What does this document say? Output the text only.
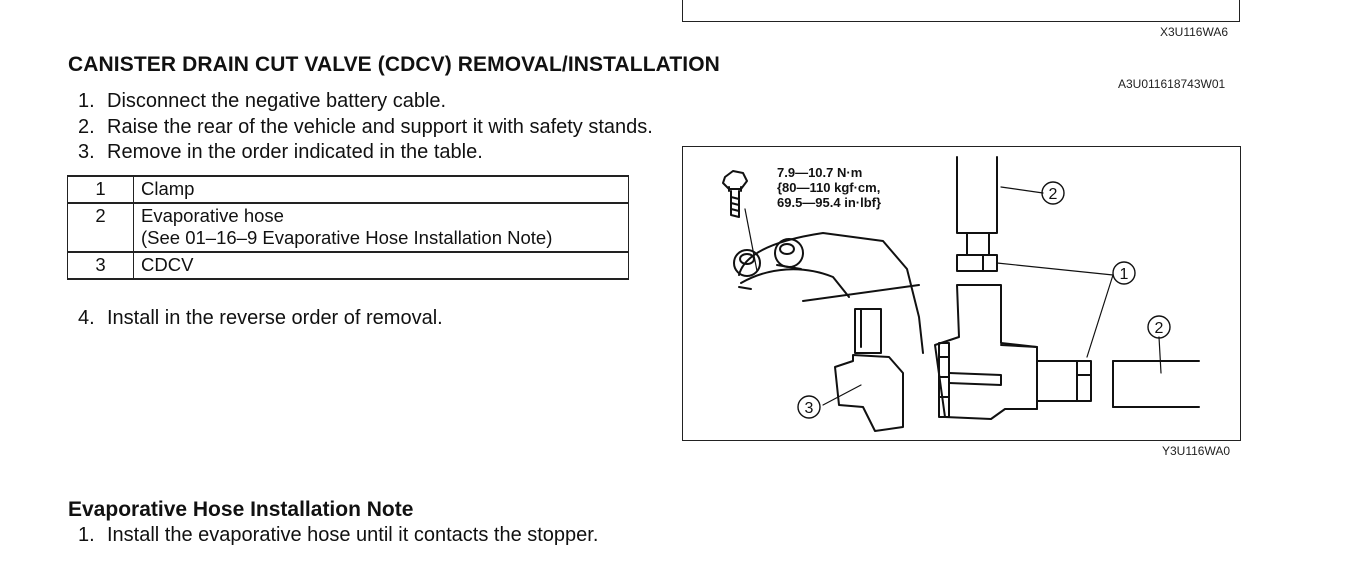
X3U116WA6
CANISTER DRAIN CUT VALVE (CDCV) REMOVAL/INSTALLATION
A3U011618743W01
1. Disconnect the negative battery cable.
2. Raise the rear of the vehicle and support it with safety stands.
3. Remove in the order indicated in the table.
1	Clamp

2	Evaporative hose
(See 01–16–9 Evaporative Hose Installation Note)

3	CDCV
4. Install in the reverse order of removal.
2
1
2
3
7.9—10.7 N·m
{80—110 kgf·cm,
69.5—95.4 in·lbf}
Y3U116WA0
Evaporative Hose Installation Note
1. Install the evaporative hose until it contacts the stopper.
